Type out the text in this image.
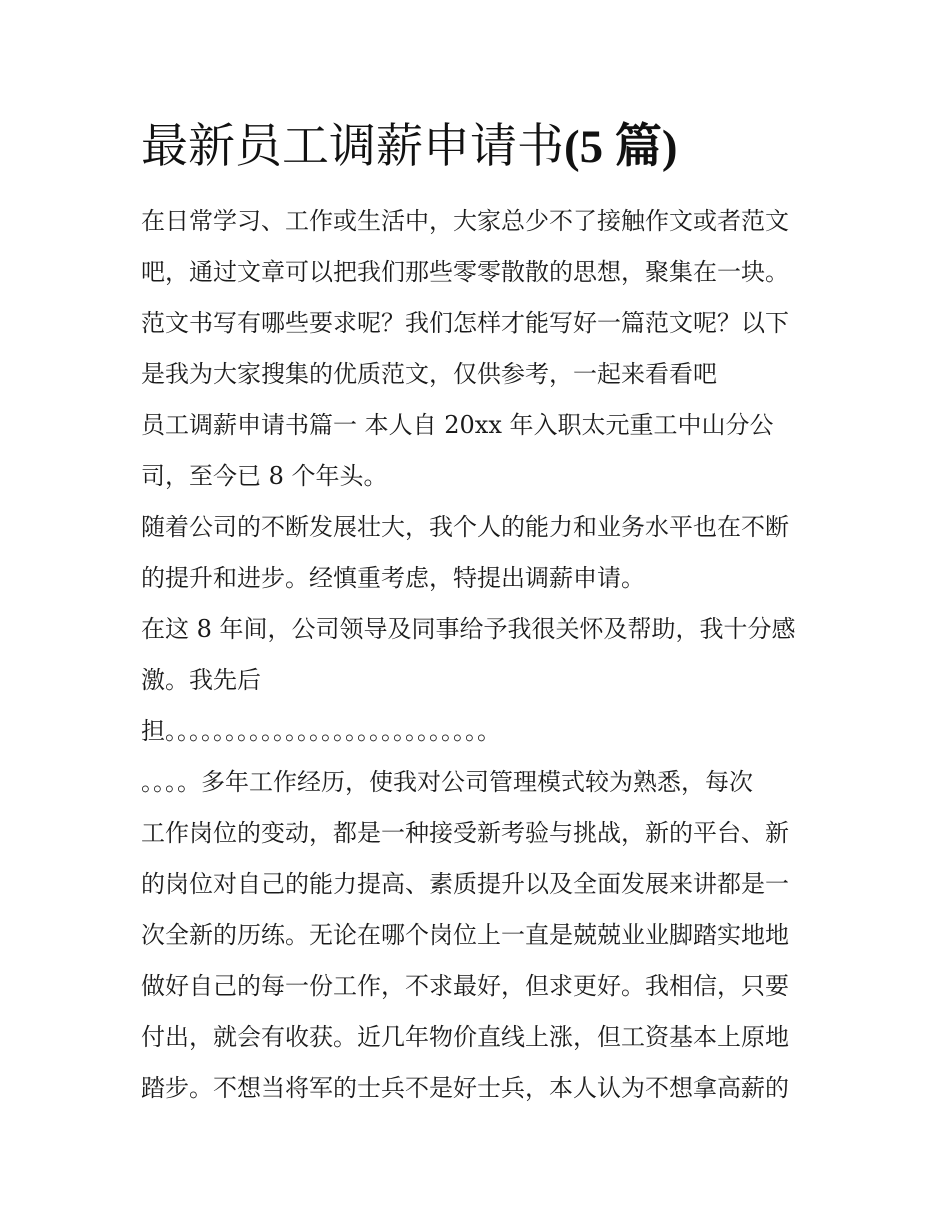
最新员工调薪申请书(5 篇)
在日常学习、工作或生活中，大家总少不了接触作文或者范文
吧，通过文章可以把我们那些零零散散的思想，聚集在一块。
范文书写有哪些要求呢？我们怎样才能写好一篇范文呢？以下
是我为大家搜集的优质范文，仅供参考，一起来看看吧
员工调薪申请书篇一 本人自 20xx 年入职太元重工中山分公
司，至今已 8 个年头。
随着公司的不断发展壮大，我个人的能力和业务水平也在不断
的提升和进步。经慎重考虑，特提出调薪申请。
在这 8 年间，公司领导及同事给予我很关怀及帮助，我十分感
激。我先后
担。。。。。。。。。。。。。。。。。。。。。。。。。。。
。。。。多年工作经历，使我对公司管理模式较为熟悉，每次
工作岗位的变动，都是一种接受新考验与挑战，新的平台、新
的岗位对自己的能力提高、素质提升以及全面发展来讲都是一
次全新的历练。无论在哪个岗位上一直是兢兢业业脚踏实地地
做好自己的每一份工作，不求最好，但求更好。我相信，只要
付出，就会有收获。近几年物价直线上涨，但工资基本上原地
踏步。不想当将军的士兵不是好士兵，本人认为不想拿高薪的
